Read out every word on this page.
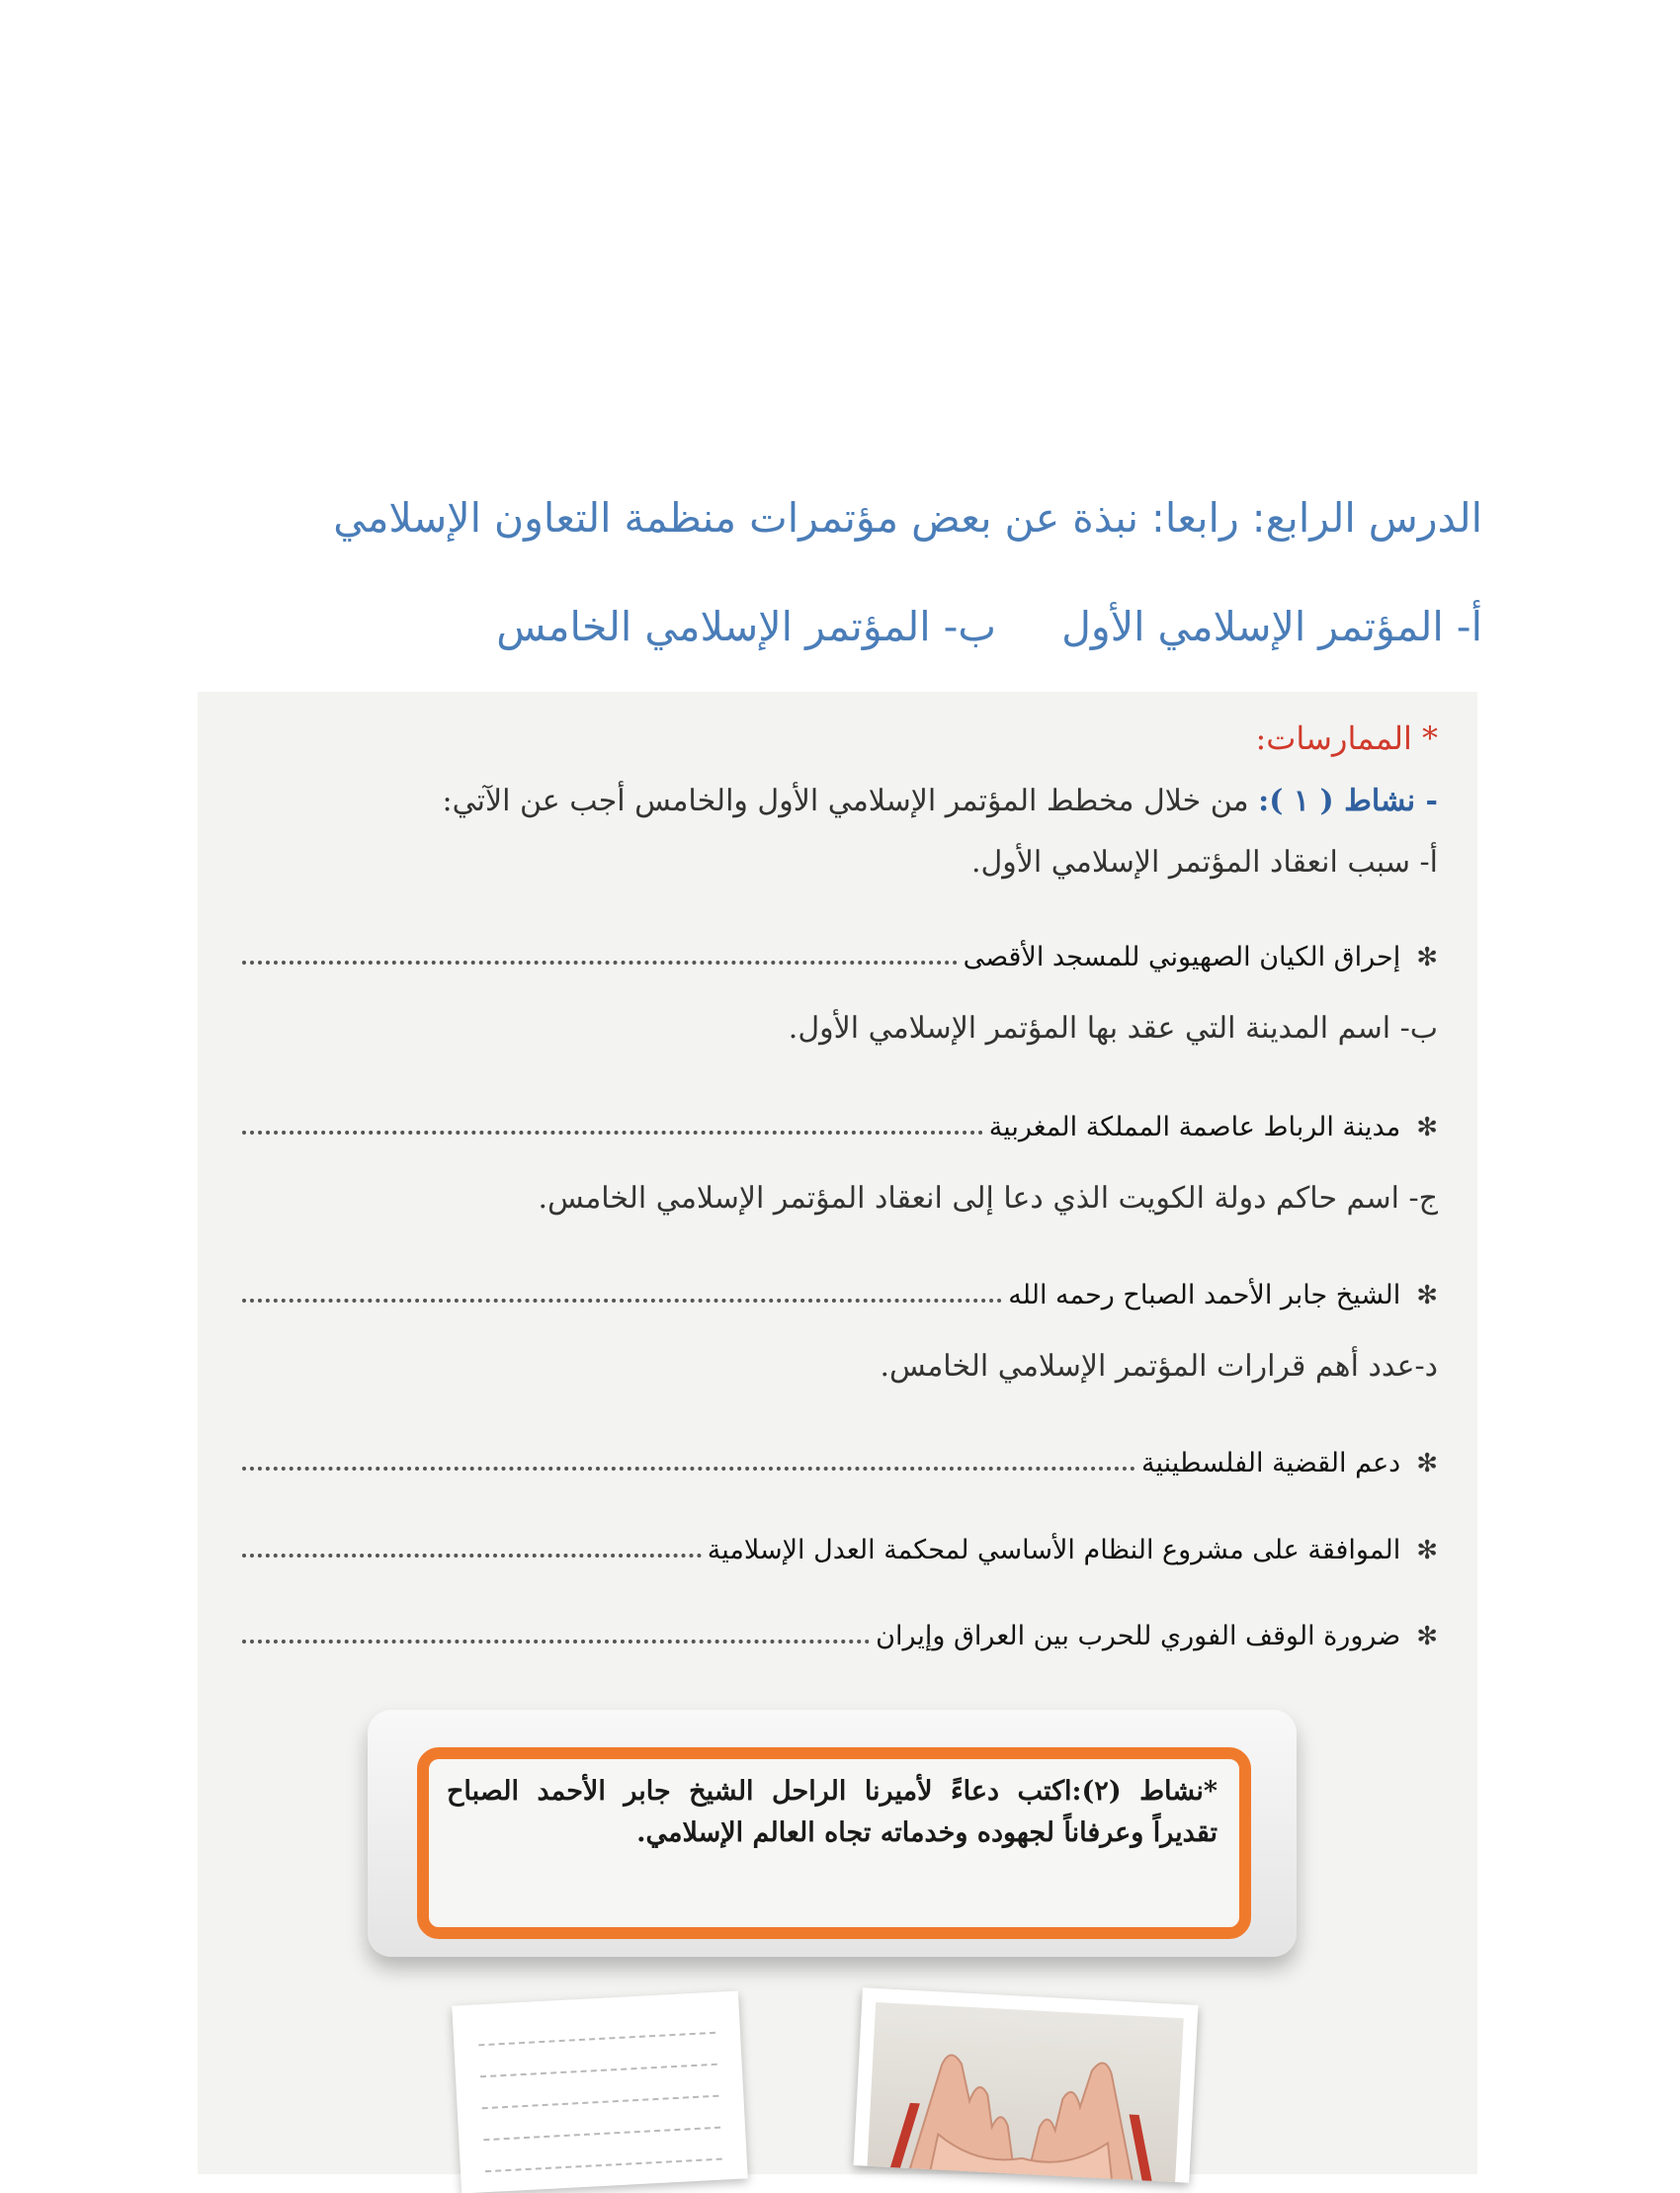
الدرس الرابع: رابعا: نبذة عن بعض مؤتمرات منظمة التعاون الإسلامي
أ- المؤتمر الإسلامي الأول  ب- المؤتمر الإسلامي الخامس
* الممارسات:
- نشاط ( ١ ): من خلال مخطط المؤتمر الإسلامي الأول والخامس أجب عن الآتي:
أ- سبب انعقاد المؤتمر الإسلامي الأول.
✻
إحراق الكيان الصهيوني للمسجد الأقصى
ب- اسم المدينة التي عقد بها المؤتمر الإسلامي الأول.
✻
مدينة الرباط عاصمة المملكة المغربية
ج- اسم حاكم دولة الكويت الذي دعا إلى انعقاد المؤتمر الإسلامي الخامس.
✻
الشيخ جابر الأحمد الصباح رحمه الله
د-عدد أهم قرارات المؤتمر الإسلامي الخامس.
✻
دعم القضية الفلسطينية
✻
الموافقة على مشروع النظام الأساسي لمحكمة العدل الإسلامية
✻
ضرورة الوقف الفوري للحرب بين العراق وإيران
*نشاط (٢):اكتب دعاءً لأميرنا الراحل الشيخ جابر الأحمد الصباح تقديراً وعرفاناً لجهوده وخدماته تجاه العالم الإسلامي.
